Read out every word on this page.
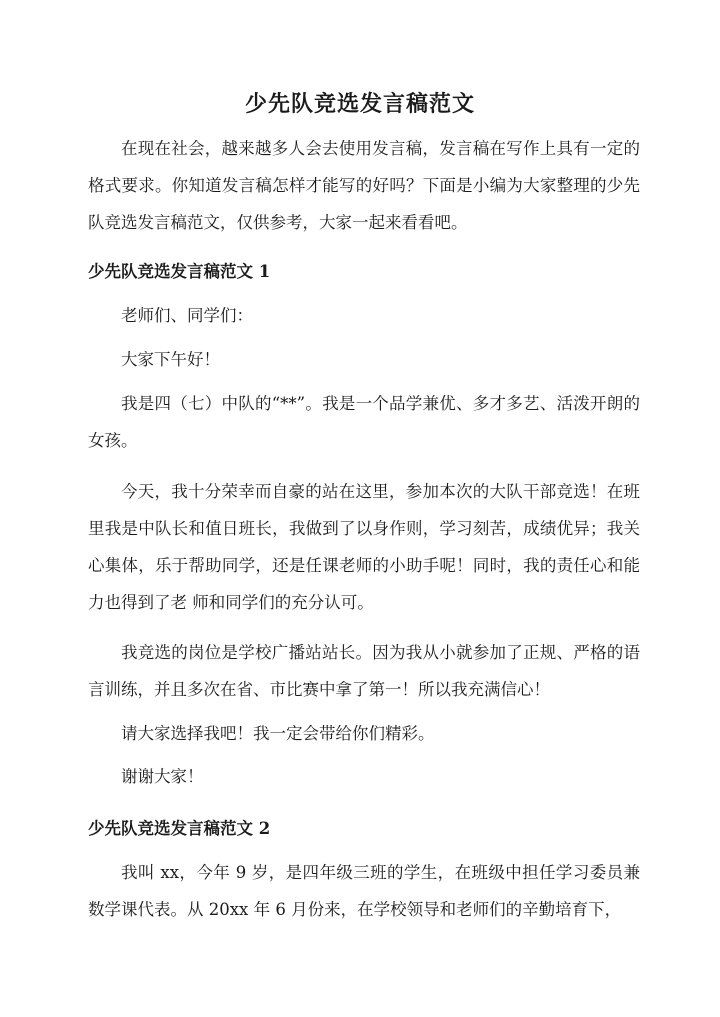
少先队竞选发言稿范文
在现在社会，越来越多人会去使用发言稿，发言稿在写作上具有一定的格式要求。你知道发言稿怎样才能写的好吗？下面是小编为大家整理的少先队竞选发言稿范文，仅供参考，大家一起来看看吧。
少先队竞选发言稿范文 1
老师们、同学们：
大家下午好！
我是四（七）中队的“**”。我是一个品学兼优、多才多艺、活泼开朗的女孩。
今天，我十分荣幸而自豪的站在这里，参加本次的大队干部竞选！在班里我是中队长和值日班长，我做到了以身作则，学习刻苦，成绩优异；我关心集体，乐于帮助同学，还是任课老师的小助手呢！同时，我的责任心和能力也得到了老 师和同学们的充分认可。
我竞选的岗位是学校广播站站长。因为我从小就参加了正规、严格的语言训练，并且多次在省、市比赛中拿了第一！所以我充满信心！
请大家选择我吧！我一定会带给你们精彩。
谢谢大家！
少先队竞选发言稿范文 2
我叫 xx，今年 9 岁，是四年级三班的学生，在班级中担任学习委员兼数学课代表。从 20xx 年 6 月份来，在学校领导和老师们的辛勤培育下，
